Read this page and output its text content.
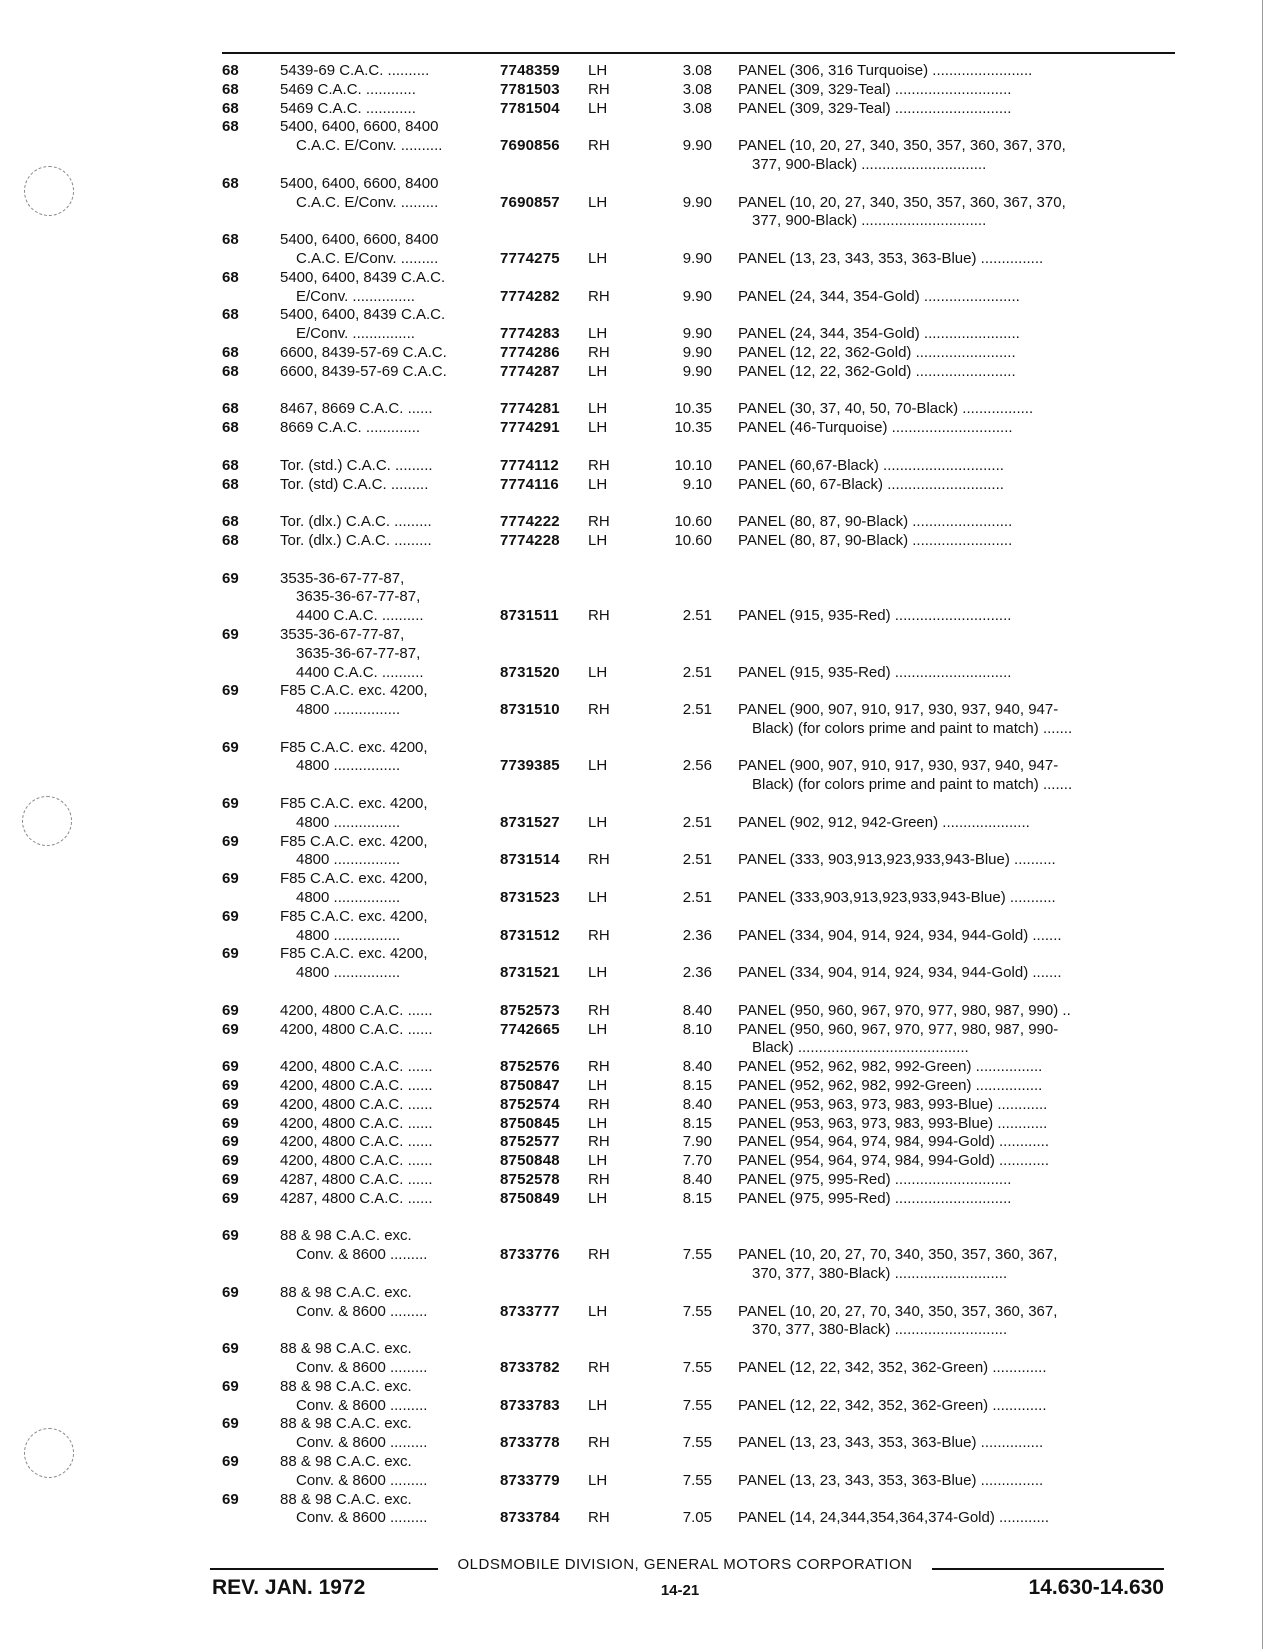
68	5439-69 C.A.C. ..........	7748359	LH	3.08 PANEL (306, 316 Turquoise) ........................
68	5469 C.A.C. ............	7781503	RH	3.08 PANEL (309, 329-Teal) ............................
68	5469 C.A.C. ............	7781504	LH	3.08 PANEL (309, 329-Teal) ............................
68	5400, 6400, 6600, 8400
C.A.C. E/Conv. ..........	7690856	RH	9.90 PANEL (10, 20, 27, 340, 350, 357, 360, 367, 370,
377, 900-Black) ..............................
68	5400, 6400, 6600, 8400
C.A.C. E/Conv. .........	7690857	LH	9.90 PANEL (10, 20, 27, 340, 350, 357, 360, 367, 370,
377, 900-Black) ..............................
68	5400, 6400, 6600, 8400
C.A.C. E/Conv. .........	7774275	LH	9.90 PANEL (13, 23, 343, 353, 363-Blue) ...............
68	5400, 6400, 8439 C.A.C.
E/Conv. ...............	7774282	RH	9.90 PANEL (24, 344, 354-Gold) .......................
68	5400, 6400, 8439 C.A.C.
E/Conv. ...............	7774283	LH	9.90 PANEL (24, 344, 354-Gold) .......................
68	6600, 8439-57-69 C.A.C.	7774286	RH	9.90 PANEL (12, 22, 362-Gold) ........................
68	6600, 8439-57-69 C.A.C.	7774287	LH	9.90 PANEL (12, 22, 362-Gold) ........................
68	8467, 8669 C.A.C. ......	7774281	LH	10.35 PANEL (30, 37, 40, 50, 70-Black) .................
68	8669 C.A.C. .............	7774291	LH	10.35 PANEL (46-Turquoise) .............................
68	Tor. (std.) C.A.C. .........	7774112	RH	10.10 PANEL (60,67-Black) .............................
68	Tor. (std) C.A.C. .........	7774116	LH	9.10 PANEL (60, 67-Black) ............................
68	Tor. (dlx.) C.A.C. .........	7774222	RH	10.60 PANEL (80, 87, 90-Black) ........................
68	Tor. (dlx.) C.A.C. .........	7774228	LH	10.60 PANEL (80, 87, 90-Black) ........................
69	3535-36-67-77-87,
3635-36-67-77-87,
4400 C.A.C. ..........	8731511	RH	2.51 PANEL (915, 935-Red) ............................
69	3535-36-67-77-87,
3635-36-67-77-87,
4400 C.A.C. ..........	8731520	LH	2.51 PANEL (915, 935-Red) ............................
69	F85 C.A.C. exc. 4200,
4800 ................	8731510	RH	2.51 PANEL (900, 907, 910, 917, 930, 937, 940, 947-
Black) (for colors prime and paint to match) .......
69	F85 C.A.C. exc. 4200,
4800 ................	7739385	LH	2.56 PANEL (900, 907, 910, 917, 930, 937, 940, 947-
Black) (for colors prime and paint to match) .......
69	F85 C.A.C. exc. 4200,
4800 ................	8731527	LH	2.51 PANEL (902, 912, 942-Green) .....................
69	F85 C.A.C. exc. 4200,
4800 ................	8731514	RH	2.51 PANEL (333, 903,913,923,933,943-Blue) ..........
69	F85 C.A.C. exc. 4200,
4800 ................	8731523	LH	2.51 PANEL (333,903,913,923,933,943-Blue) ...........
69	F85 C.A.C. exc. 4200,
4800 ................	8731512	RH	2.36 PANEL (334, 904, 914, 924, 934, 944-Gold) .......
69	F85 C.A.C. exc. 4200,
4800 ................	8731521	LH	2.36 PANEL (334, 904, 914, 924, 934, 944-Gold) .......
69	4200, 4800 C.A.C. ......	8752573	RH	8.40 PANEL (950, 960, 967, 970, 977, 980, 987, 990) ..
69	4200, 4800 C.A.C. ......	7742665	LH	8.10 PANEL (950, 960, 967, 970, 977, 980, 987, 990-
Black) .........................................
69	4200, 4800 C.A.C. ......	8752576	RH	8.40 PANEL (952, 962, 982, 992-Green) ................
69	4200, 4800 C.A.C. ......	8750847	LH	8.15 PANEL (952, 962, 982, 992-Green) ................
69	4200, 4800 C.A.C. ......	8752574	RH	8.40 PANEL (953, 963, 973, 983, 993-Blue) ............
69	4200, 4800 C.A.C. ......	8750845	LH	8.15 PANEL (953, 963, 973, 983, 993-Blue) ............
69	4200, 4800 C.A.C. ......	8752577	RH	7.90 PANEL (954, 964, 974, 984, 994-Gold) ............
69	4200, 4800 C.A.C. ......	8750848	LH	7.70 PANEL (954, 964, 974, 984, 994-Gold) ............
69	4287, 4800 C.A.C. ......	8752578	RH	8.40 PANEL (975, 995-Red) ............................
69	4287, 4800 C.A.C. ......	8750849	LH	8.15 PANEL (975, 995-Red) ............................
69	88 & 98 C.A.C. exc.
Conv. & 8600 .........	8733776	RH	7.55 PANEL (10, 20, 27, 70, 340, 350, 357, 360, 367,
370, 377, 380-Black) ...........................
69	88 & 98 C.A.C. exc.
Conv. & 8600 .........	8733777	LH	7.55 PANEL (10, 20, 27, 70, 340, 350, 357, 360, 367,
370, 377, 380-Black) ...........................
69	88 & 98 C.A.C. exc.
Conv. & 8600 .........	8733782	RH	7.55 PANEL (12, 22, 342, 352, 362-Green) .............
69	88 & 98 C.A.C. exc.
Conv. & 8600 .........	8733783	LH	7.55 PANEL (12, 22, 342, 352, 362-Green) .............
69	88 & 98 C.A.C. exc.
Conv. & 8600 .........	8733778	RH	7.55 PANEL (13, 23, 343, 353, 363-Blue) ...............
69	88 & 98 C.A.C. exc.
Conv. & 8600 .........	8733779	LH	7.55 PANEL (13, 23, 343, 353, 363-Blue) ...............
69	88 & 98 C.A.C. exc.
Conv. & 8600 .........	8733784	RH	7.05 PANEL (14, 24,344,354,364,374-Gold) ............
OLDSMOBILE DIVISION, GENERAL MOTORS CORPORATION
REV. JAN. 1972	14-21	14.630-14.630
